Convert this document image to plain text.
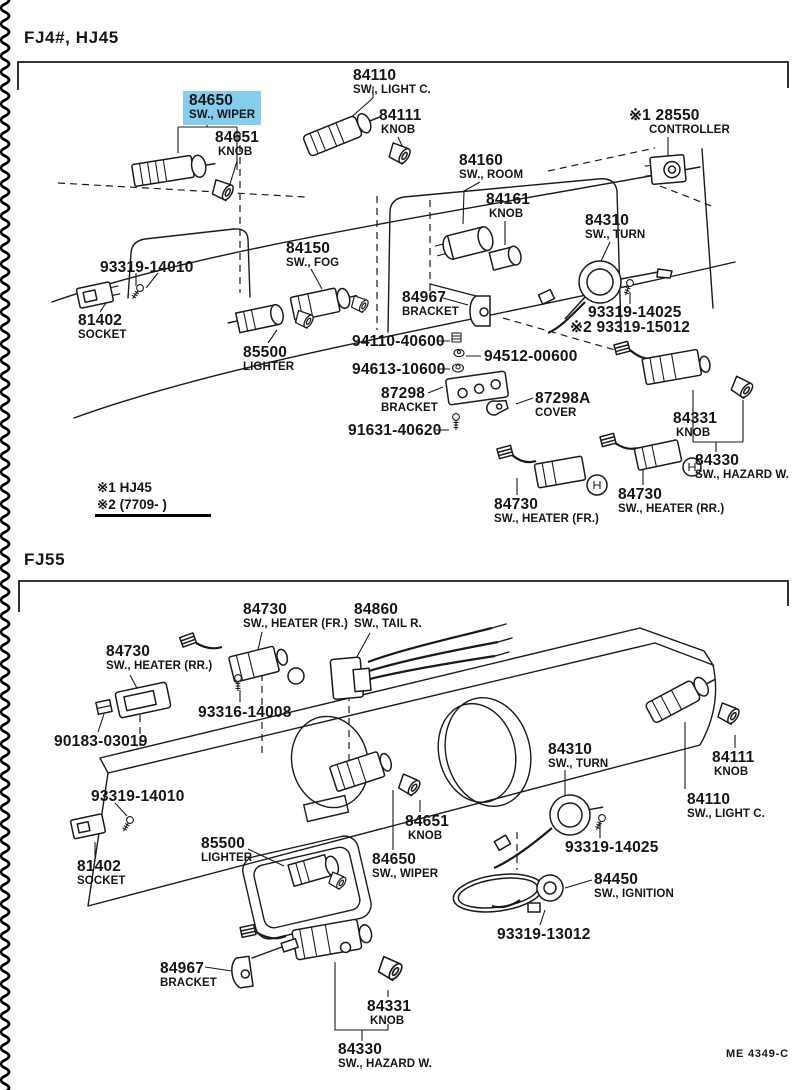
FJ4#, HJ45
FJ55
84650
SW., WIPER
84651
KNOB
84110
SW., LIGHT C.
84111
KNOB
※1 28550
CONTROLLER
84160
SW., ROOM
84161
KNOB	84310
SW., TURN
84150
SW., FOG
93319-14010
81402
SOCKET
85500
LIGHTER
84967
BRACKET
94110-40600
94512-00600
94613-10600
87298
BRACKET
87298A
COVER
91631-40620
93319-14025
※2 93319-15012
84331
KNOB
84330
SW., HAZARD W.
84730
SW., HEATER (FR.)
84730
SW., HEATER (RR.)
84730
SW., HEATER (FR.)
84860
SW., TAIL R.
84730
SW., HEATER (RR.)
93316-14008
90183-03019	84310
SW., TURN	84111
KNOB
84110
SW., LIGHT C.
93319-14010
84651
KNOB
85500
LIGHTER
81402
SOCKET
84650
SW., WIPER
93319-14025
84450
SW., IGNITION
93319-13012
84967
BRACKET
84331
KNOB
84330
SW., HAZARD W.
※1 HJ45
※2 (7709- )
ME 4349-C
